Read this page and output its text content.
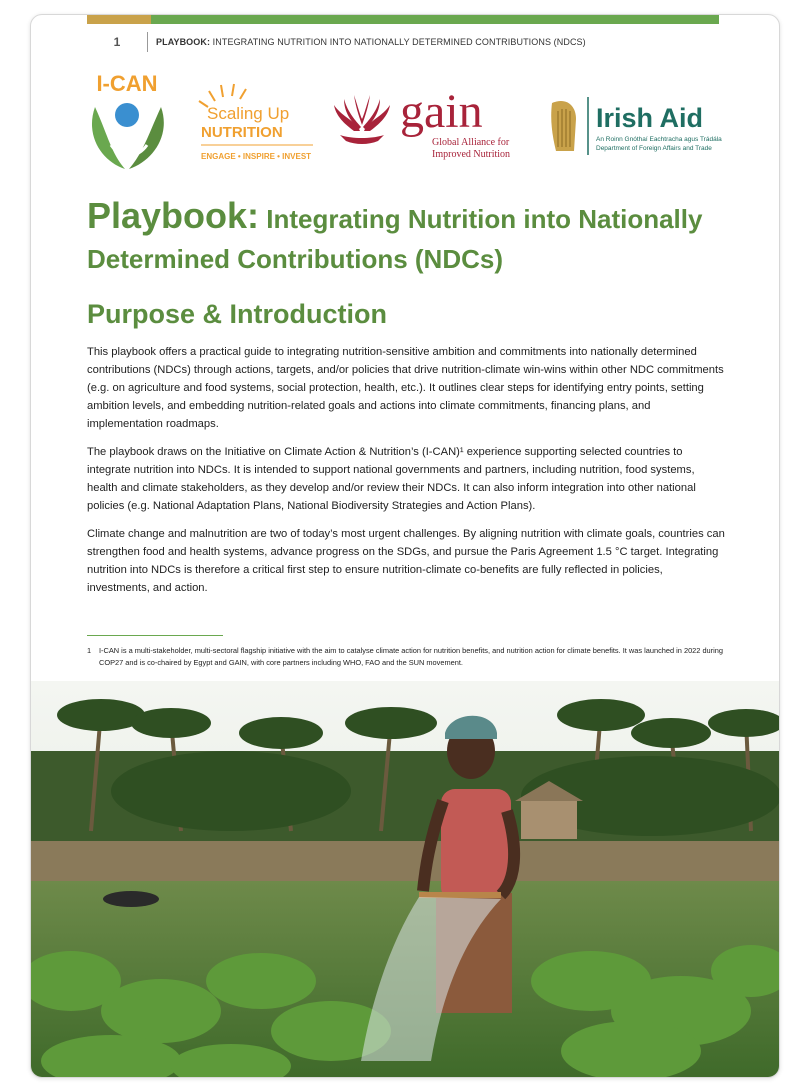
1	PLAYBOOK: INTEGRATING NUTRITION INTO NATIONALLY DETERMINED CONTRIBUTIONS (NDCS)
I-CAN
Scaling Up
NUTRITION
ENGAGE • INSPIRE • INVEST
gain
Global Alliance for
Improved Nutrition
Irish Aid
An Roinn Gnóthaí Eachtracha agus Trádála
Department of Foreign Affairs and Trade
Playbook: Integrating Nutrition into Nationally Determined Contributions (NDCs)
Purpose & Introduction

This playbook offers a practical guide to integrating nutrition-sensitive ambition and commitments into nationally determined contributions (NDCs) through actions, targets, and/or policies that drive nutrition-climate win-wins within other NDC commitments (e.g. on agriculture and food systems, social protection, health, etc.). It outlines clear steps for identifying entry points, setting ambition levels, and embedding nutrition-related goals and actions into climate commitments, financing plans, and implementation roadmaps.

The playbook draws on the Initiative on Climate Action & Nutrition’s (I-CAN)¹ experience supporting selected countries to integrate nutrition into NDCs. It is intended to support national governments and partners, including nutrition, food systems, health and climate stakeholders, as they develop and/or review their NDCs. It can also inform integration into other national policies (e.g. National Adaptation Plans, National Biodiversity Strategies and Action Plans).

Climate change and malnutrition are two of today’s most urgent challenges. By aligning nutrition with climate goals, countries can strengthen food and health systems, advance progress on the SDGs, and pursue the Paris Agreement 1.5 °C target. Integrating nutrition into NDCs is therefore a critical first step to ensure nutrition-climate co-benefits are fully reflected in policies, investments, and action.

1	I-CAN is a multi-stakeholder, multi-sectoral flagship initiative with the aim to catalyse climate action for nutrition benefits, and nutrition action for climate benefits. It was launched in 2022 during COP27 and is co-chaired by Egypt and GAIN, with core partners including WHO, FAO and the SUN movement.
